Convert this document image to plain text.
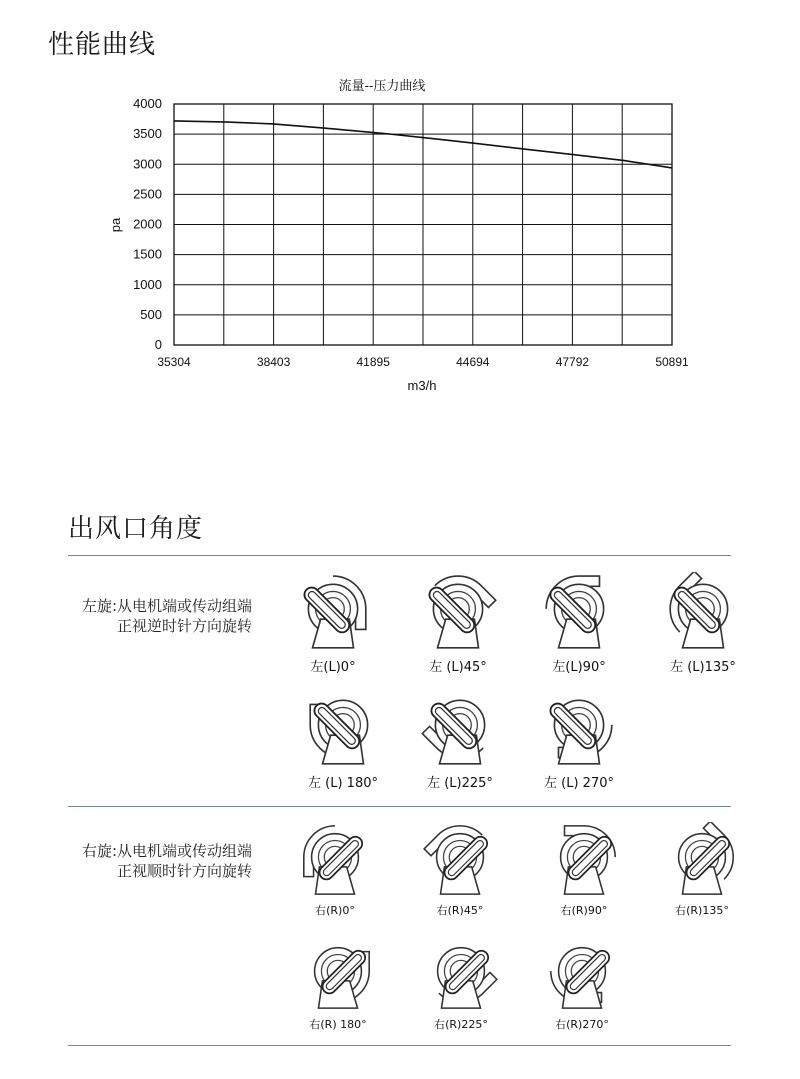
性能曲线
流量--压力曲线
0
500
1000
1500
2000
2500
3000
3500
4000
35304	38403	41895	44694	47792	50891
pa
m3/h
出风口角度
左旋:从电机端或传动组端
正视逆时针方向旋转
左(L)0°	左 (L)45°	左(L)90°	左 (L)135°
左 (L) 180°	左 (L)225°	左 (L) 270°
右旋:从电机端或传动组端
正视顺时针方向旋转
右(R)0°	右(R)45°	右(R)90°	右(R)135°
右(R) 180°	右(R)225°	右(R)270°
